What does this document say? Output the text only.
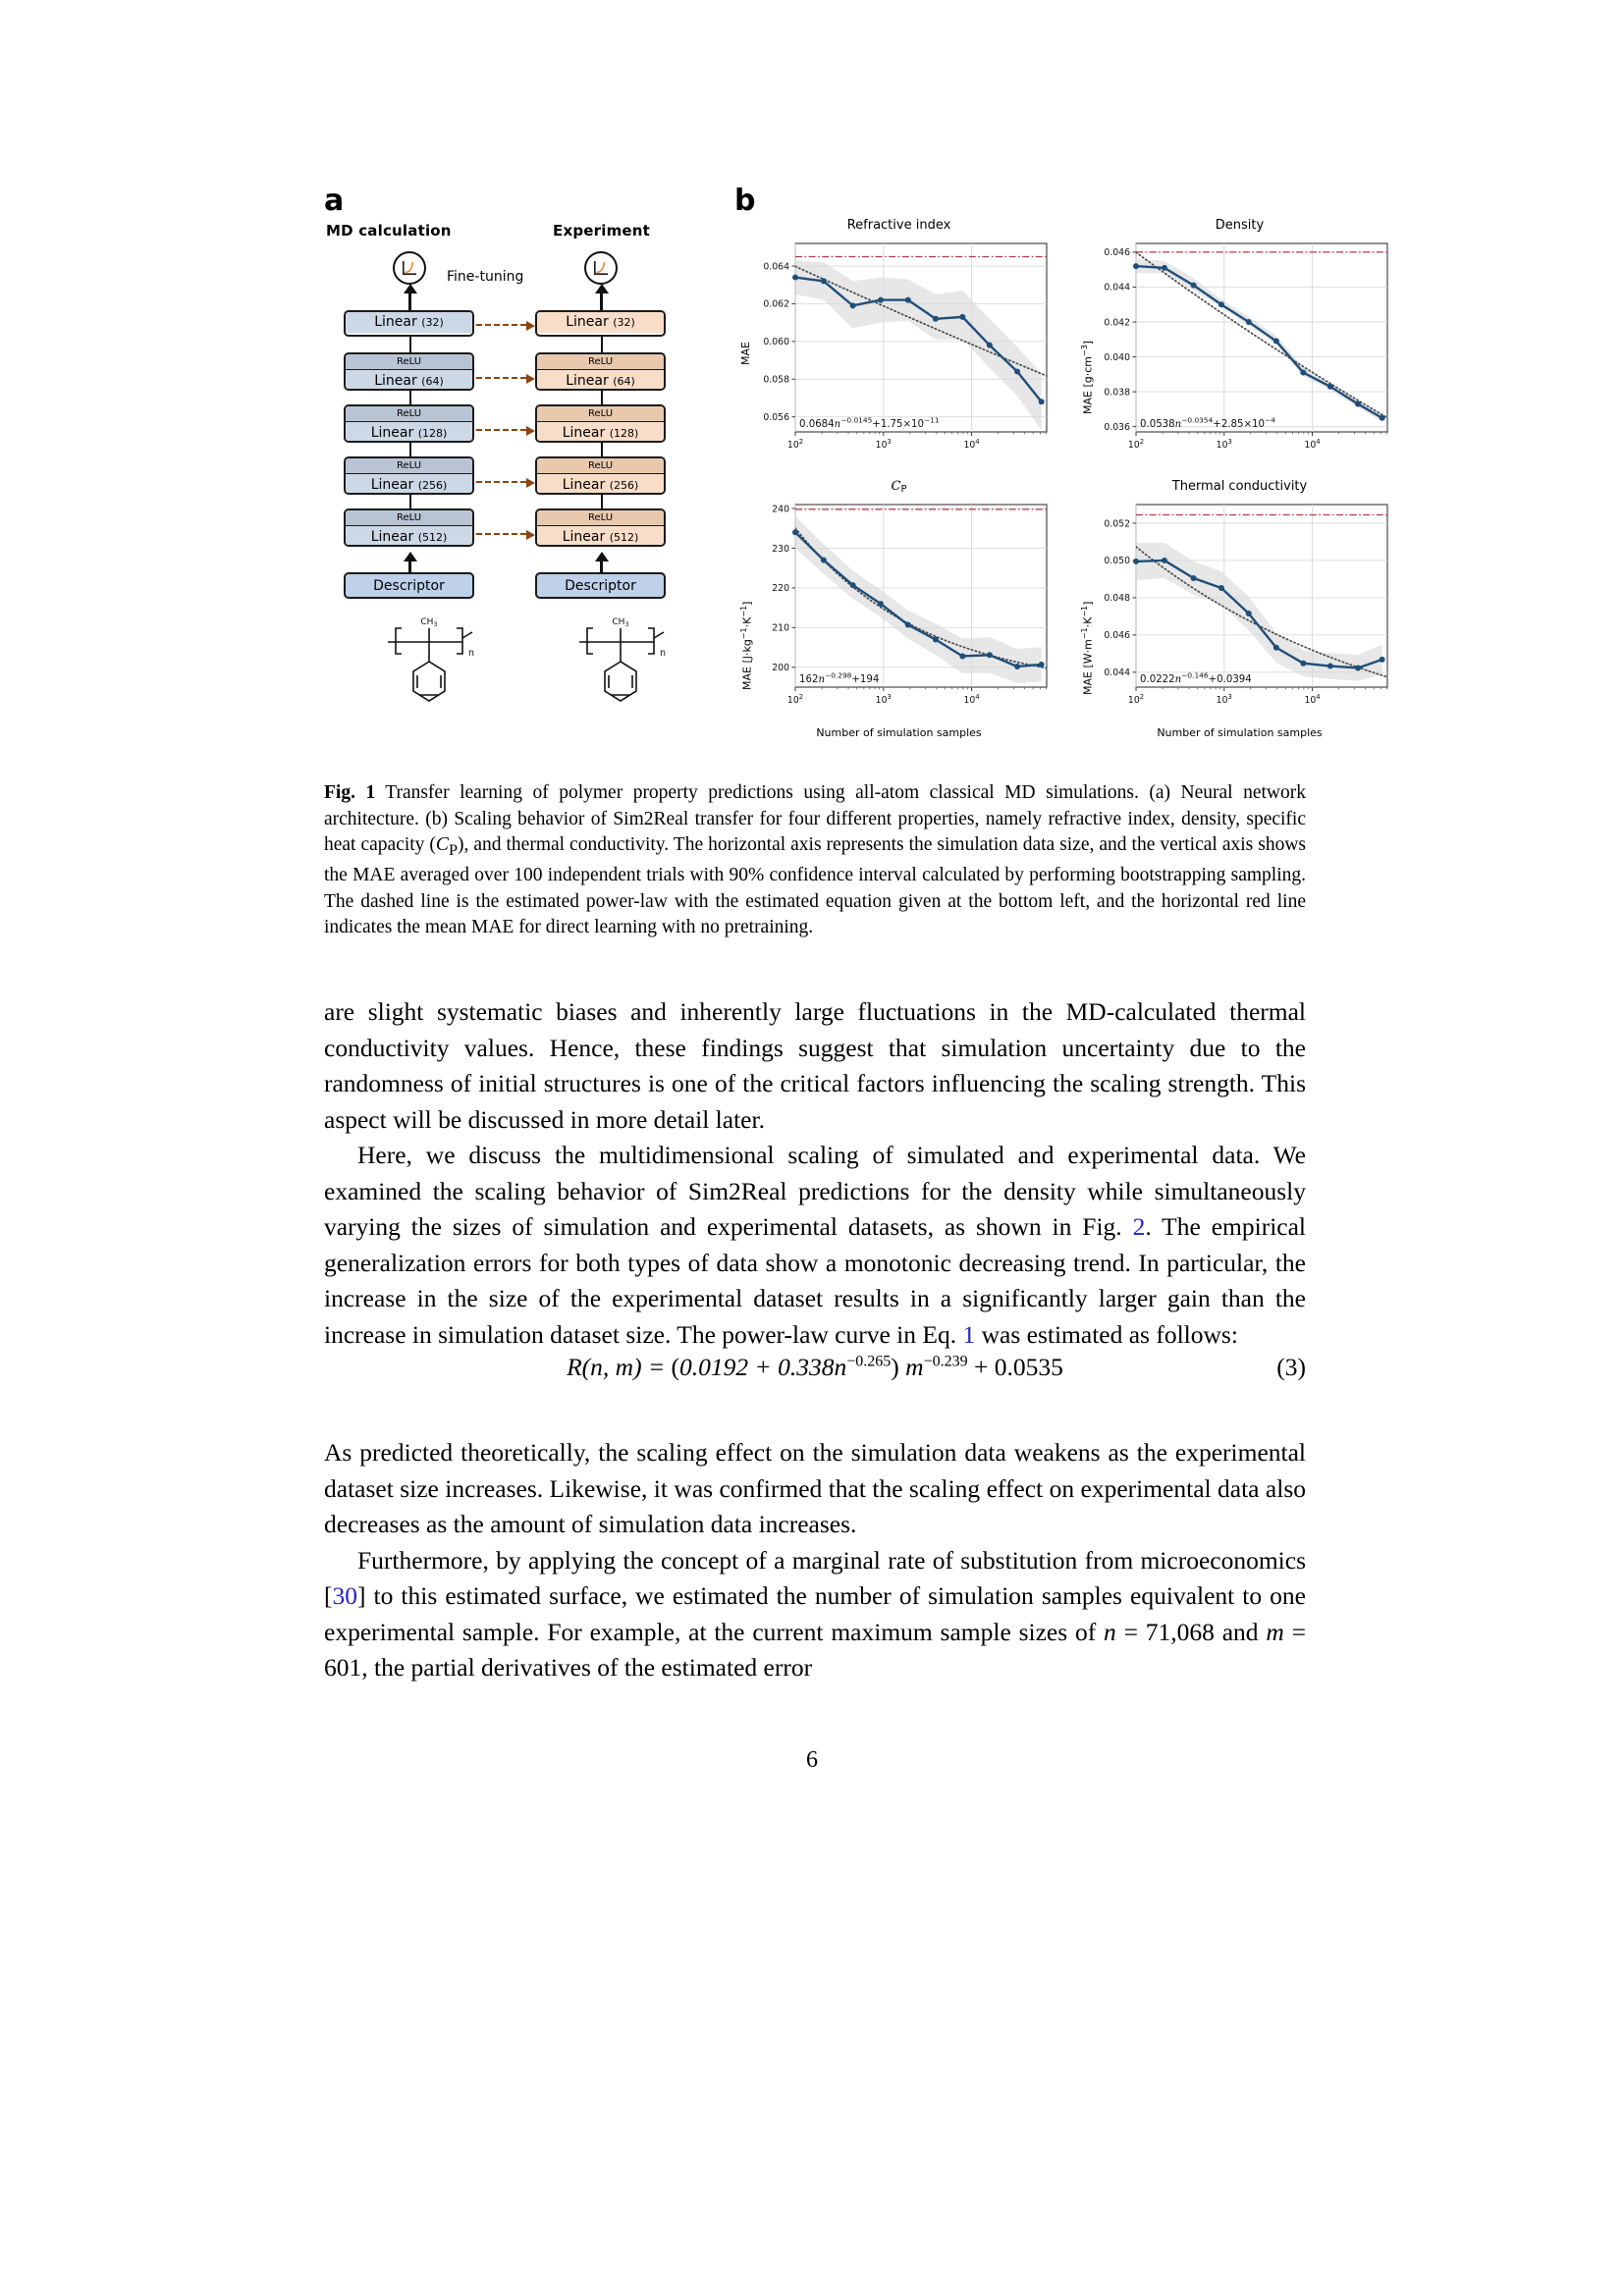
a	b
MD calculation	Experiment
Fine-tuning
Linear (32)
ReLU
Linear (64)
ReLU
Linear (128)
ReLU
Linear (256)
ReLU
Linear (512)
Descriptor
Linear (32)
ReLU
Linear (64)
ReLU
Linear (128)
ReLU
Linear (256)
ReLU
Linear (512)
Descriptor
$CH_3$
n
$CH_3$
n
Refractive index
MAE
0.056
0.058
0.060
0.062
0.064
$10^2$	$10^3$	$10^4$
$0.0684n^{-0.0145}+1.75\times 10^{-11}$
Density
MAE $[g\cdot cm^{-3}]$
0.036
0.038
0.040
0.042
0.044
0.046
$10^2$	$10^3$	$10^4$
$0.0538n^{-0.0354}+2.85\times 10^{-4}$
$C_P$
MAE $[J\cdot kg^{-1}\cdot K^{-1}]$
200
210
220
230
240
$10^2$	$10^3$	$10^4$
$162n^{-0.298}+194$
Number of simulation samples
Thermal conductivity
MAE $[W\cdot m^{-1}\cdot K^{-1}]$
0.044
0.046
0.048
0.050
0.052
$10^2$	$10^3$	$10^4$
$0.0222n^{-0.146}+0.0394$
Number of simulation samples
Fig. 1 Transfer learning of polymer property predictions using all-atom classical MD simulations. (a) Neural network architecture. (b) Scaling behavior of Sim2Real transfer for four different properties, namely refractive index, density, specific heat capacity $(C_P)$, and thermal conductivity. The horizontal axis represents the simulation data size, and the vertical axis shows the MAE averaged over 100 independent trials with 90% confidence interval calculated by performing bootstrapping sampling. The dashed line is the estimated power-law with the estimated equation given at the bottom left, and the horizontal red line indicates the mean MAE for direct learning with no pretraining.

are slight systematic biases and inherently large fluctuations in the MD-calculated thermal conductivity values. Hence, these findings suggest that simulation uncertainty due to the randomness of initial structures is one of the critical factors influencing the scaling strength. This aspect will be discussed in more detail later.

Here, we discuss the multidimensional scaling of simulated and experimental data. We examined the scaling behavior of Sim2Real predictions for the density while simultaneously varying the sizes of simulation and experimental datasets, as shown in Fig. 2. The empirical generalization errors for both types of data show a monotonic decreasing trend. In particular, the increase in the size of the experimental dataset results in a significantly larger gain than the increase in simulation dataset size. The power-law curve in Eq. 1 was estimated as follows:

R(n, $m) = (0.0192 + 0.338n^{-0.265})$ $m^{-0.239} + 0.0535$	(3)

As predicted theoretically, the scaling effect on the simulation data weakens as the experimental dataset size increases. Likewise, it was confirmed that the scaling effect on experimental data also decreases as the amount of simulation data increases.

Furthermore, by applying the concept of a marginal rate of substitution from microeconomics [30] to this estimated surface, we estimated the number of simulation samples equivalent to one experimental sample. For example, at the current maximum sample sizes of n = 71,068 and m = 601, the partial derivatives of the estimated error

6
